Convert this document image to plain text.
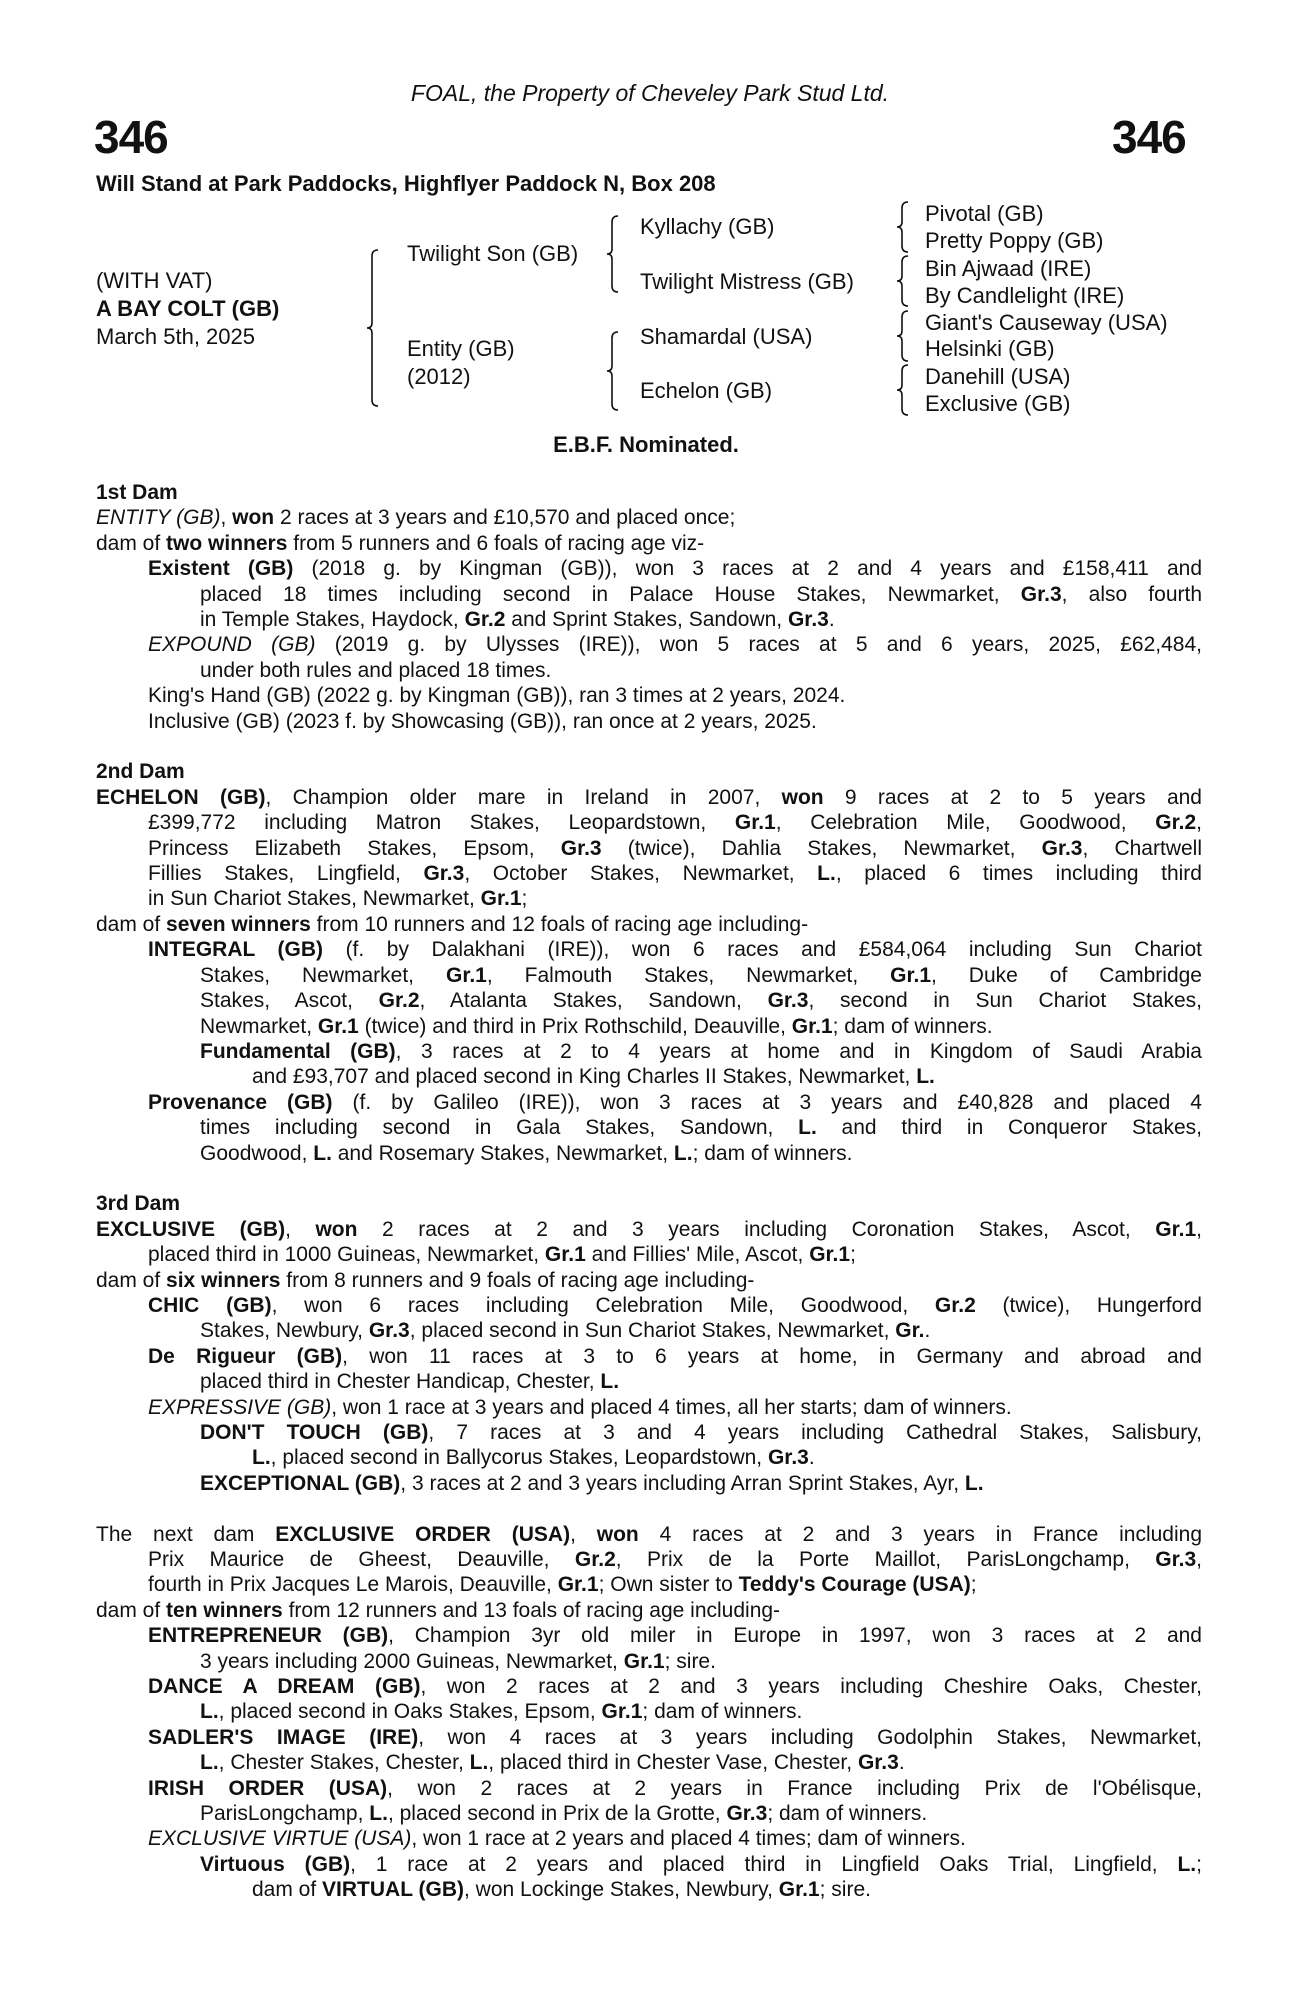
FOAL, the Property of Cheveley Park Stud Ltd.
346	346
Will Stand at Park Paddocks, Highflyer Paddock N, Box 208
(WITH VAT)
A BAY COLT (GB)
March 5th, 2025
Twilight Son (GB)
Entity (GB)
(2012)
Kyllachy (GB)
Twilight Mistress (GB)
Shamardal (USA)
Echelon (GB)
Pivotal (GB)
Pretty Poppy (GB)
Bin Ajwaad (IRE)
By Candlelight (IRE)
Giant's Causeway (USA)
Helsinki (GB)
Danehill (USA)
Exclusive (GB)
E.B.F. Nominated.
1st Dam
ENTITY (GB), won 2 races at 3 years and £10,570 and placed once;
dam of two winners from 5 runners and 6 foals of racing age viz-
Existent (GB) (2018 g. by Kingman (GB)), won 3 races at 2 and 4 years and £158,411 and
placed 18 times including second in Palace House Stakes, Newmarket, Gr.3, also fourth
in Temple Stakes, Haydock, Gr.2 and Sprint Stakes, Sandown, Gr.3.
EXPOUND (GB) (2019 g. by Ulysses (IRE)), won 5 races at 5 and 6 years, 2025, £62,484,
under both rules and placed 18 times.
King's Hand (GB) (2022 g. by Kingman (GB)), ran 3 times at 2 years, 2024.
Inclusive (GB) (2023 f. by Showcasing (GB)), ran once at 2 years, 2025.
2nd Dam
ECHELON (GB), Champion older mare in Ireland in 2007, won 9 races at 2 to 5 years and
£399,772 including Matron Stakes, Leopardstown, Gr.1, Celebration Mile, Goodwood, Gr.2,
Princess Elizabeth Stakes, Epsom, Gr.3 (twice), Dahlia Stakes, Newmarket, Gr.3, Chartwell
Fillies Stakes, Lingfield, Gr.3, October Stakes, Newmarket, L., placed 6 times including third
in Sun Chariot Stakes, Newmarket, Gr.1;
dam of seven winners from 10 runners and 12 foals of racing age including-
INTEGRAL (GB) (f. by Dalakhani (IRE)), won 6 races and £584,064 including Sun Chariot
Stakes, Newmarket, Gr.1, Falmouth Stakes, Newmarket, Gr.1, Duke of Cambridge
Stakes, Ascot, Gr.2, Atalanta Stakes, Sandown, Gr.3, second in Sun Chariot Stakes,
Newmarket, Gr.1 (twice) and third in Prix Rothschild, Deauville, Gr.1; dam of winners.
Fundamental (GB), 3 races at 2 to 4 years at home and in Kingdom of Saudi Arabia
and £93,707 and placed second in King Charles II Stakes, Newmarket, L.
Provenance (GB) (f. by Galileo (IRE)), won 3 races at 3 years and £40,828 and placed 4
times including second in Gala Stakes, Sandown, L. and third in Conqueror Stakes,
Goodwood, L. and Rosemary Stakes, Newmarket, L.; dam of winners.
3rd Dam
EXCLUSIVE (GB), won 2 races at 2 and 3 years including Coronation Stakes, Ascot, Gr.1,
placed third in 1000 Guineas, Newmarket, Gr.1 and Fillies' Mile, Ascot, Gr.1;
dam of six winners from 8 runners and 9 foals of racing age including-
CHIC (GB), won 6 races including Celebration Mile, Goodwood, Gr.2 (twice), Hungerford
Stakes, Newbury, Gr.3, placed second in Sun Chariot Stakes, Newmarket, Gr..
De Rigueur (GB), won 11 races at 3 to 6 years at home, in Germany and abroad and
placed third in Chester Handicap, Chester, L.
EXPRESSIVE (GB), won 1 race at 3 years and placed 4 times, all her starts; dam of winners.
DON'T TOUCH (GB), 7 races at 3 and 4 years including Cathedral Stakes, Salisbury,
L., placed second in Ballycorus Stakes, Leopardstown, Gr.3.
EXCEPTIONAL (GB), 3 races at 2 and 3 years including Arran Sprint Stakes, Ayr, L.
The next dam EXCLUSIVE ORDER (USA), won 4 races at 2 and 3 years in France including
Prix Maurice de Gheest, Deauville, Gr.2, Prix de la Porte Maillot, ParisLongchamp, Gr.3,
fourth in Prix Jacques Le Marois, Deauville, Gr.1; Own sister to Teddy's Courage (USA);
dam of ten winners from 12 runners and 13 foals of racing age including-
ENTREPRENEUR (GB), Champion 3yr old miler in Europe in 1997, won 3 races at 2 and
3 years including 2000 Guineas, Newmarket, Gr.1; sire.
DANCE A DREAM (GB), won 2 races at 2 and 3 years including Cheshire Oaks, Chester,
L., placed second in Oaks Stakes, Epsom, Gr.1; dam of winners.
SADLER'S IMAGE (IRE), won 4 races at 3 years including Godolphin Stakes, Newmarket,
L., Chester Stakes, Chester, L., placed third in Chester Vase, Chester, Gr.3.
IRISH ORDER (USA), won 2 races at 2 years in France including Prix de l'Obélisque,
ParisLongchamp, L., placed second in Prix de la Grotte, Gr.3; dam of winners.
EXCLUSIVE VIRTUE (USA), won 1 race at 2 years and placed 4 times; dam of winners.
Virtuous (GB), 1 race at 2 years and placed third in Lingfield Oaks Trial, Lingfield, L.;
dam of VIRTUAL (GB), won Lockinge Stakes, Newbury, Gr.1; sire.
